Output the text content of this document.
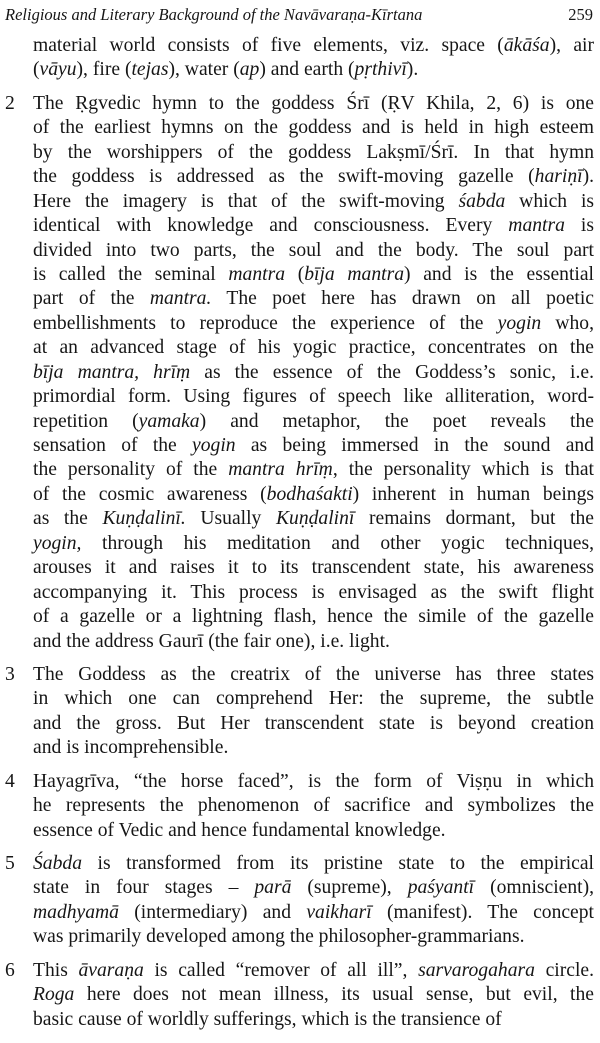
Religious and Literary Background of the Navāvaraṇa-Kīrtana	259
material world consists of five elements, viz. space (ākāśa), air
(vāyu), fire (tejas), water (ap) and earth (pṛthivī).
2 The Ṛgvedic hymn to the goddess Śrī (ṚV Khila, 2, 6) is one
of the earliest hymns on the goddess and is held in high esteem
by the worshippers of the goddess Lakṣmī/Śrī. In that hymn
the goddess is addressed as the swift-moving gazelle (hariṇī).
Here the imagery is that of the swift-moving śabda which is
identical with knowledge and consciousness. Every mantra is
divided into two parts, the soul and the body. The soul part
is called the seminal mantra (bīja mantra) and is the essential
part of the mantra. The poet here has drawn on all poetic
embellishments to reproduce the experience of the yogin who,
at an advanced stage of his yogic practice, concentrates on the
bīja mantra, hrīṃ as the essence of the Goddess’s sonic, i.e.
primordial form. Using figures of speech like alliteration, word-
repetition (yamaka) and metaphor, the poet reveals the
sensation of the yogin as being immersed in the sound and
the personality of the mantra hrīṃ, the personality which is that
of the cosmic awareness (bodhaśakti) inherent in human beings
as the Kuṇḍalinī. Usually Kuṇḍalinī remains dormant, but the
yogin, through his meditation and other yogic techniques,
arouses it and raises it to its transcendent state, his awareness
accompanying it. This process is envisaged as the swift flight
of a gazelle or a lightning flash, hence the simile of the gazelle
and the address Gaurī (the fair one), i.e. light.
3 The Goddess as the creatrix of the universe has three states
in which one can comprehend Her: the supreme, the subtle
and the gross. But Her transcendent state is beyond creation
and is incomprehensible.
4 Hayagrīva, “the horse faced”, is the form of Viṣṇu in which
he represents the phenomenon of sacrifice and symbolizes the
essence of Vedic and hence fundamental knowledge.
5 Śabda is transformed from its pristine state to the empirical
state in four stages – parā (supreme), paśyantī (omniscient),
madhyamā (intermediary) and vaikharī (manifest). The concept
was primarily developed among the philosopher-grammarians.
6 This āvaraṇa is called “remover of all ill”, sarvarogahara circle.
Roga here does not mean illness, its usual sense, but evil, the
basic cause of worldly sufferings, which is the transience of
